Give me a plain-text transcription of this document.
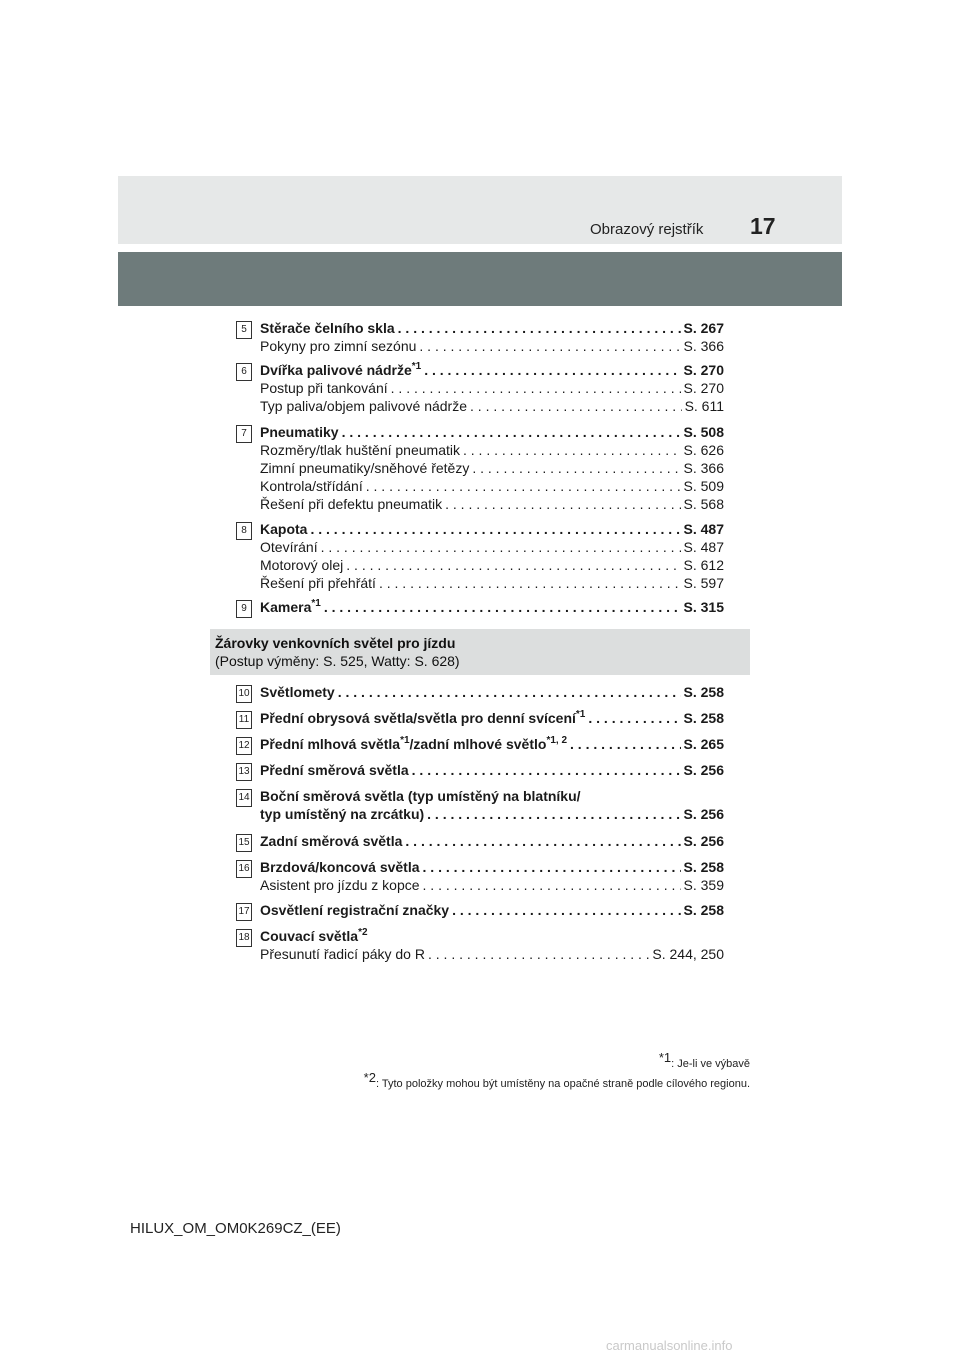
Obrazový rejstřík 17
5 Stěrače čelního skla . . .	S. 267
Pokyny pro zimní sezónu . . .	S. 366
6 Dvířka palivové nádrže$^{*1}$ . . .	S. 270
Postup při tankování . . .	S. 270
Typ paliva/objem palivové nádrže . . .	S. 611
7 Pneumatiky . . .	S. 508
Rozměry/tlak huštění pneumatik . . .	S. 626
Zimní pneumatiky/sněhové řetězy . . .	S. 366
Kontrola/střídání . . .	S. 509
Řešení při defektu pneumatik . . .	S. 568
8 Kapota . . .	S. 487
Otevírání . . .	S. 487
Motorový olej . . .	S. 612
Řešení při přehřátí . . .	S. 597
9 Kamera$^{*1}$ . . .	S. 315
10 Světlomety . . .	S. 258
11 Přední obrysová světla/světla pro denní svícení$^{*1}$ . . .	S. 258
12 Přední mlhová světla$^{*1}$/zadní mlhové světlo$^{*1, 2}$ . . .	S. 265
13 Přední směrová světla . . .	S. 256
14 Boční směrová světla (typ umístěný na blatníku/
typ umístěný na zrcátku) . . .	S. 256
15 Zadní směrová světla . . .	S. 256
16 Brzdová/koncová světla . . .	S. 258
Asistent pro jízdu z kopce . . .	S. 359
17 Osvětlení registrační značky . . .	S. 258
18 Couvací světla$^{*2}$
Přesunutí řadicí páky do R . . .	S. 244, 250
Žárovky venkovních světel pro jízdu
(Postup výměny: S. 525, Watty: S. 628)
$^{*1}$: Je-li ve výbavě
$^{*2}$: Tyto položky mohou být umístěny na opačné straně podle cílového regionu.
HILUX_OM_OM0K269CZ_(EE)
carmanualsonline.info
